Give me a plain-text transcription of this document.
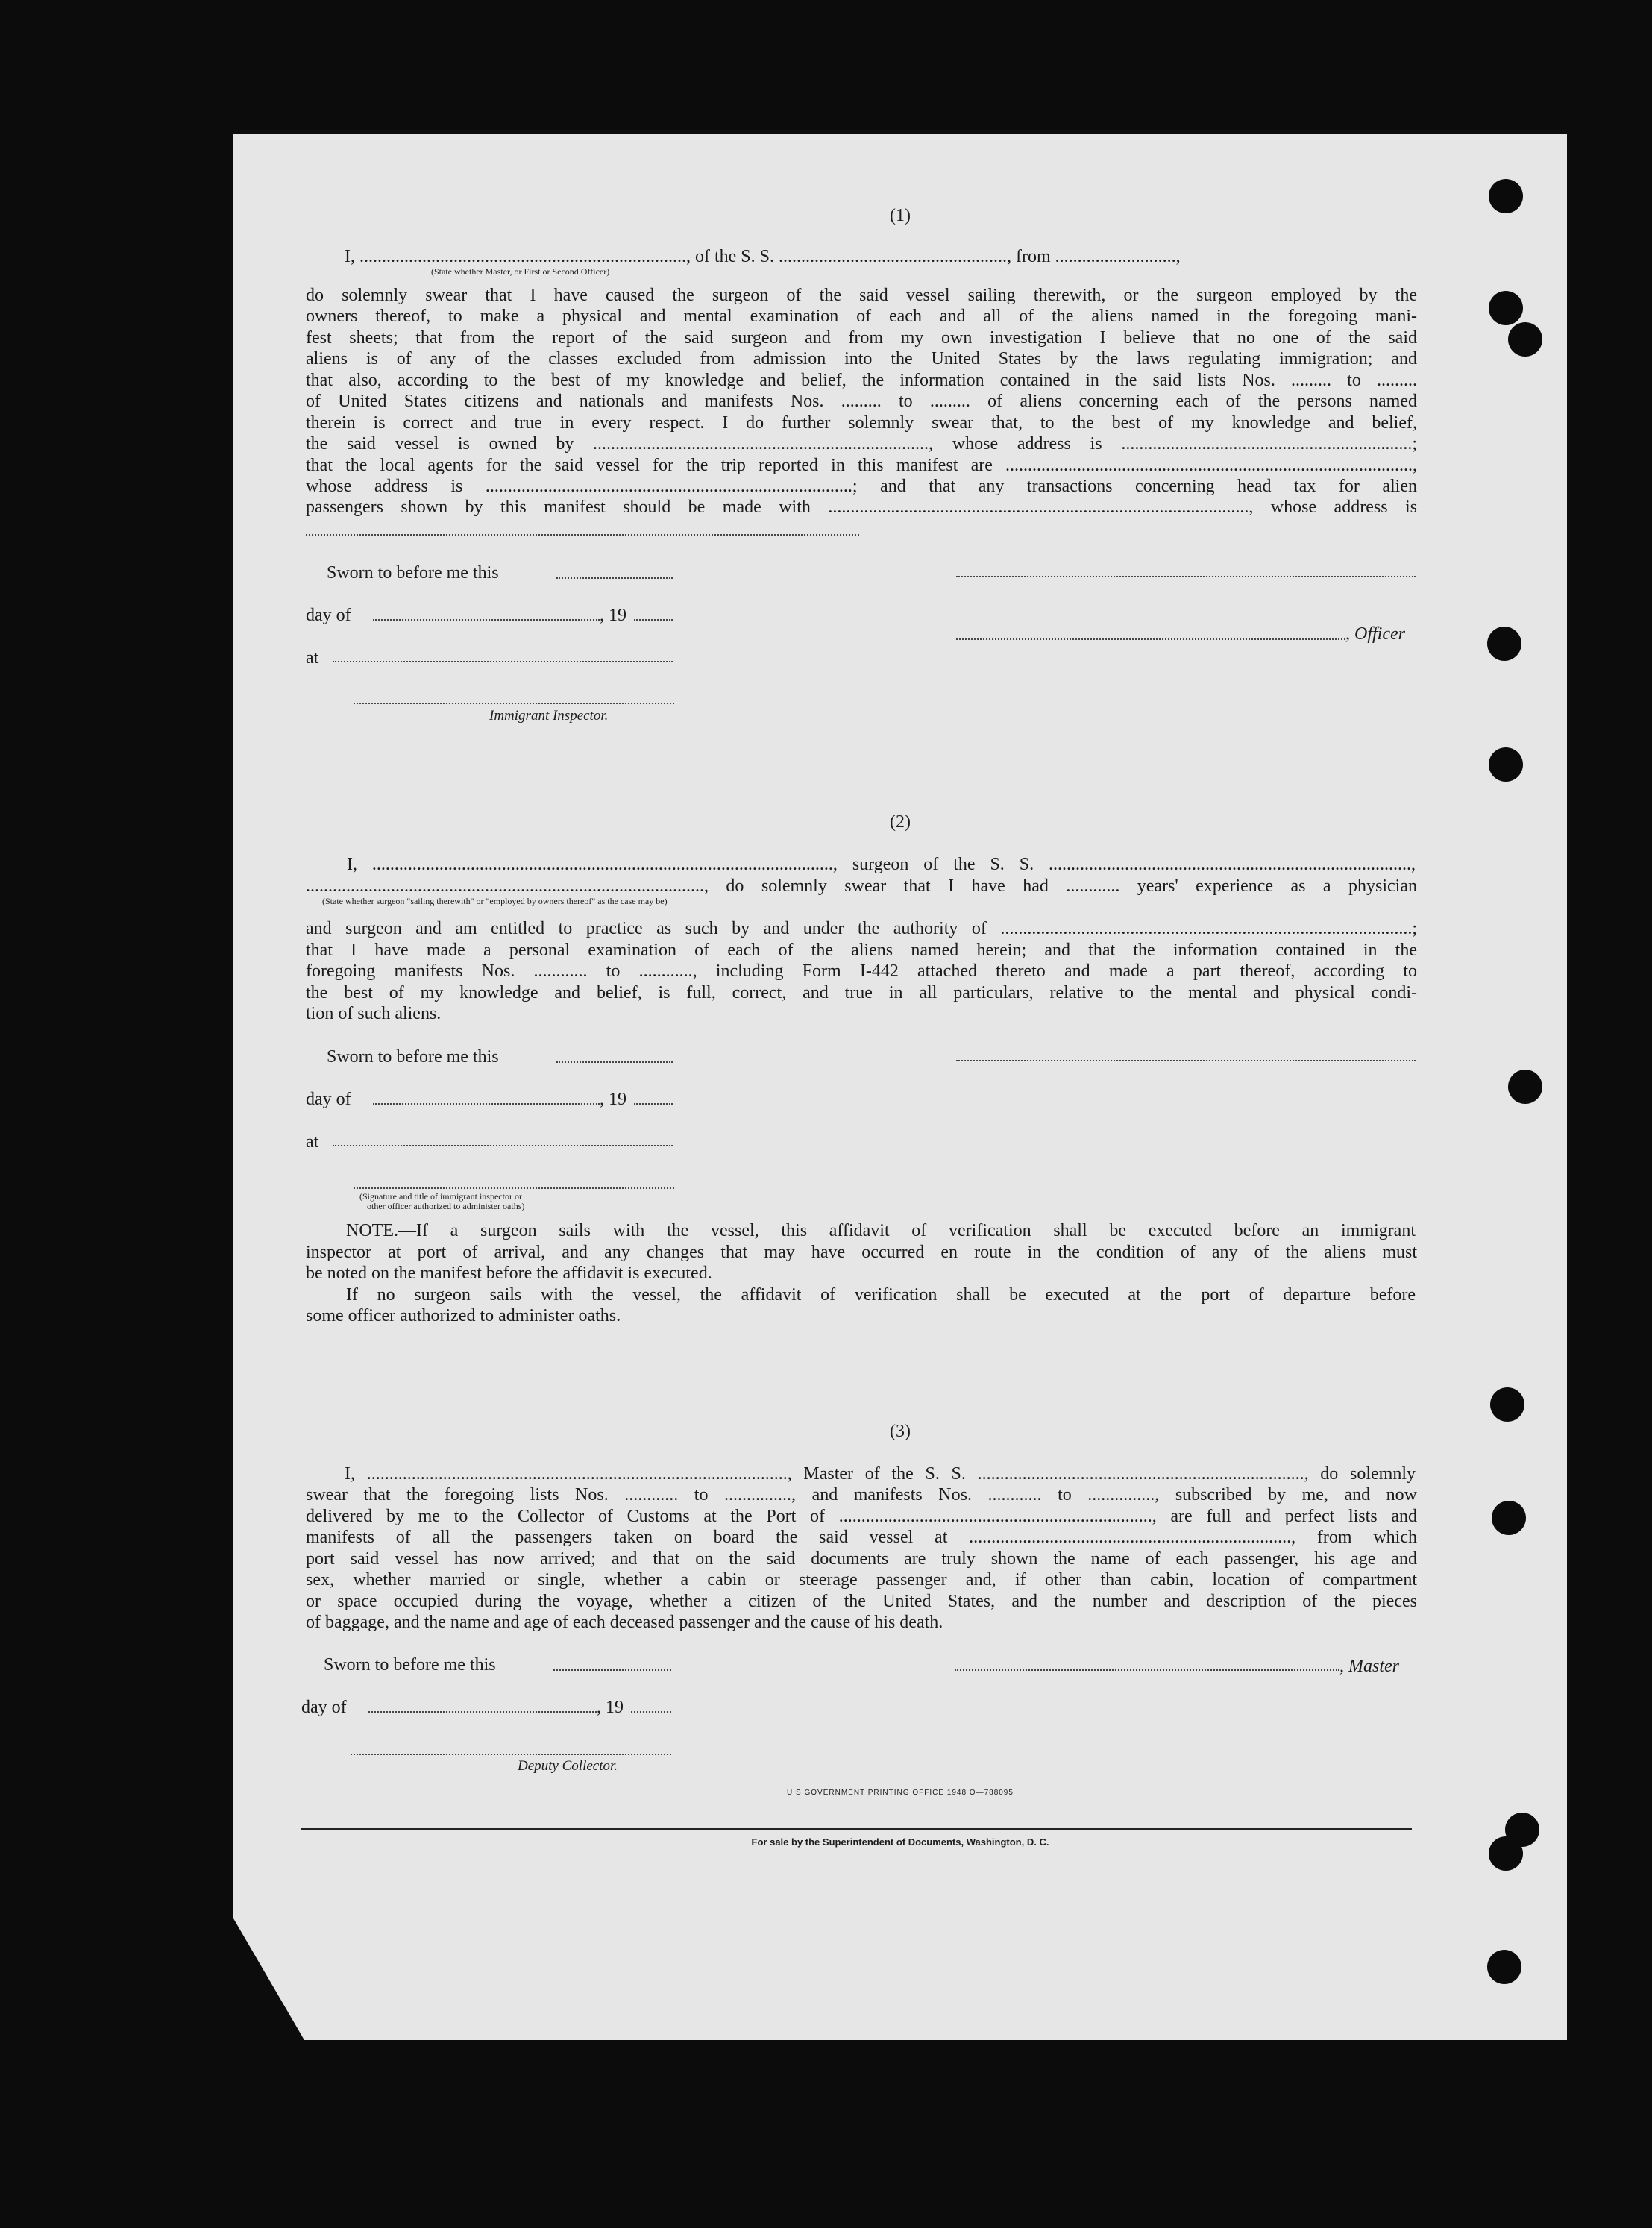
(1)
I, ........................................................................., of the S. S. ..................................................., from ...........................,
(State whether Master, or First or Second Officer)
do solemnly swear that I have caused the surgeon of the said vessel sailing therewith, or the surgeon employed by the
owners thereof, to make a physical and mental examination of each and all of the aliens named in the foregoing mani-
fest sheets; that from the report of the said surgeon and from my own investigation I believe that no one of the said
aliens is of any of the classes excluded from admission into the United States by the laws regulating immigration; and
that also, according to the best of my knowledge and belief, the information contained in the said lists Nos. ......... to .........
of United States citizens and nationals and manifests Nos. ......... to ......... of aliens concerning each of the persons named
therein is correct and true in every respect. I do further solemnly swear that, to the best of my knowledge and belief,
the said vessel is owned by ..........................................................................., whose address is .................................................................;
that the local agents for the said vessel for the trip reported in this manifest are ...........................................................................................,
whose address is ..................................................................................; and that any transactions concerning head tax for alien
passengers shown by this manifest should be made with .............................................................................................., whose address is
Sworn to before me this
day of	, 19
, Officer
at
Immigrant Inspector.
(2)
I, ......................................................................................................., surgeon of the S. S. .................................................................................,
........................................................................................., do solemnly swear that I have had ............ years' experience as a physician
(State whether surgeon "sailing therewith" or "employed by owners thereof" as the case may be)
and surgeon and am entitled to practice as such by and under the authority of ............................................................................................;
that I have made a personal examination of each of the aliens named herein; and that the information contained in the
foregoing manifests Nos. ............ to ............, including Form I-442 attached thereto and made a part thereof, according to
the best of my knowledge and belief, is full, correct, and true in all particulars, relative to the mental and physical condi-
tion of such aliens.
Sworn to before me this
day of	, 19
at
(Signature and title of immigrant inspector or
other officer authorized to administer oaths)
NOTE.—If a surgeon sails with the vessel, this affidavit of verification shall be executed before an immigrant
inspector at port of arrival, and any changes that may have occurred en route in the condition of any of the aliens must
be noted on the manifest before the affidavit is executed.
If no surgeon sails with the vessel, the affidavit of verification shall be executed at the port of departure before
some officer authorized to administer oaths.
(3)
I, .............................................................................................., Master of the S. S. ........................................................................., do solemnly
swear that the foregoing lists Nos. ............ to ..............., and manifests Nos. ............ to ..............., subscribed by me, and now
delivered by me to the Collector of Customs at the Port of ......................................................................, are full and perfect lists and
manifests of all the passengers taken on board the said vessel at ........................................................................, from which
port said vessel has now arrived; and that on the said documents are truly shown the name of each passenger, his age and
sex, whether married or single, whether a cabin or steerage passenger and, if other than cabin, location of compartment
or space occupied during the voyage, whether a citizen of the United States, and the number and description of the pieces
of baggage, and the name and age of each deceased passenger and the cause of his death.
Sworn to before me this	, Master
day of	, 19
Deputy Collector.
U S GOVERNMENT PRINTING OFFICE 1948 O—788095
For sale by the Superintendent of Documents, Washington, D. C.
